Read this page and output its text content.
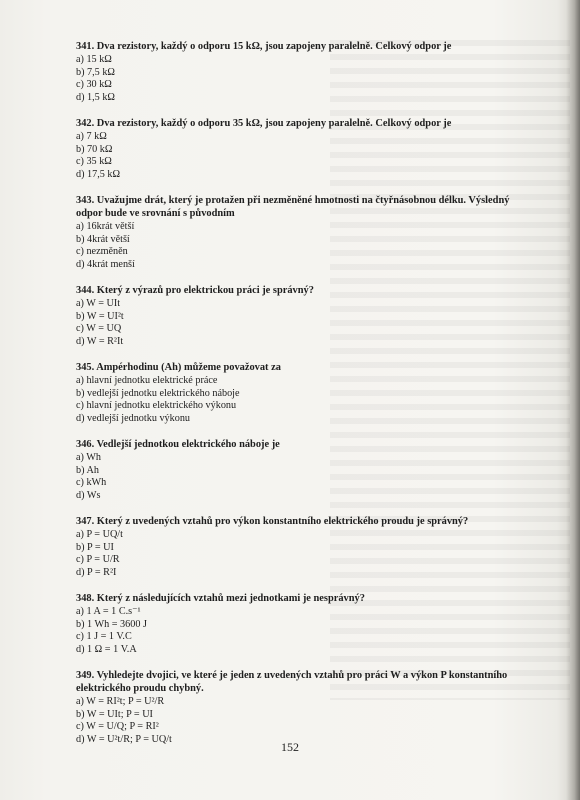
341. Dva rezistory, každý o odporu 15 kΩ, jsou zapojeny paralelně. Celkový odpor je

a) 15 kΩ

b) 7,5 kΩ

c) 30 kΩ

d) 1,5 kΩ

342. Dva rezistory, každý o odporu 35 kΩ, jsou zapojeny paralelně. Celkový odpor je

a) 7 kΩ

b) 70 kΩ

c) 35 kΩ

d) 17,5 kΩ

343. Uvažujme drát, který je protažen při nezměněné hmotnosti na čtyřnásobnou délku. Výsledný odpor bude ve srovnání s původním

a) 16krát větší

b) 4krát větší

c) nezměněn

d) 4krát menší

344. Který z výrazů pro elektrickou práci je správný?

a) W = UIt

b) W = UI²t

c) W = UQ

d) W = R²It

345. Ampérhodinu (Ah) můžeme považovat za

a) hlavní jednotku elektrické práce

b) vedlejší jednotku elektrického náboje

c) hlavní jednotku elektrického výkonu

d) vedlejší jednotku výkonu

346. Vedlejší jednotkou elektrického náboje je

a) Wh

b) Ah

c) kWh

d) Ws

347. Který z uvedených vztahů pro výkon konstantního elektrického proudu je správný?

a) P = UQ/t

b) P = UI

c) P = U/R

d) P = R²I

348. Který z následujících vztahů mezi jednotkami je nesprávný?

a) 1 A = 1 C.s⁻¹

b) 1 Wh = 3600 J

c) 1 J = 1 V.C

d) 1 Ω = 1 V.A

349. Vyhledejte dvojici, ve které je jeden z uvedených vztahů pro práci W a výkon P konstantního elektrického proudu chybný.

a) W = RI²t; P = U²/R

b) W = UIt; P = UI

c) W = U/Q; P = RI²

d) W = U²t/R; P = UQ/t

152
